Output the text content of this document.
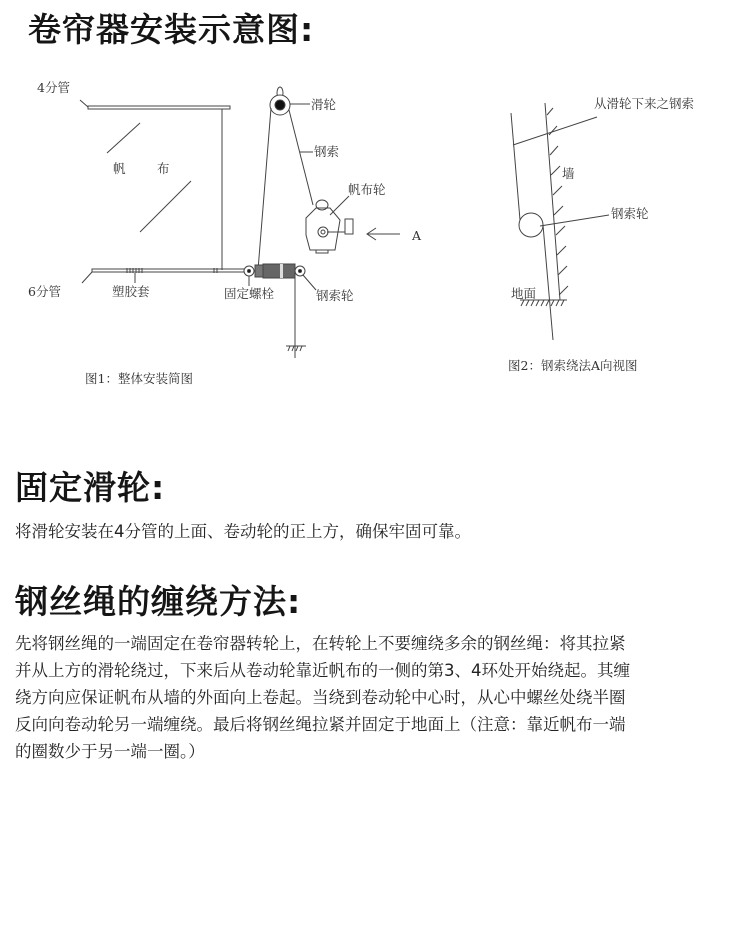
卷帘器安装示意图:
4分管
帆	布
6分管	塑胶套
滑轮
钢索
帆布轮
A
固定螺栓	钢索轮
图1：整体安装简图
从滑轮下来之钢索
墙
钢索轮
地面
图2：钢索绕法A向视图
固定滑轮:
将滑轮安装在4分管的上面、卷动轮的正上方，确保牢固可靠。
钢丝绳的缠绕方法:
先将钢丝绳的一端固定在卷帘器转轮上，在转轮上不要缠绕多余的钢丝绳：将其拉紧
并从上方的滑轮绕过，下来后从卷动轮靠近帆布的一侧的第3、4环处开始绕起。其缠
绕方向应保证帆布从墙的外面向上卷起。当绕到卷动轮中心时，从心中螺丝处绕半圈
反向向卷动轮另一端缠绕。最后将钢丝绳拉紧并固定于地面上（注意：靠近帆布一端
的圈数少于另一端一圈。）
